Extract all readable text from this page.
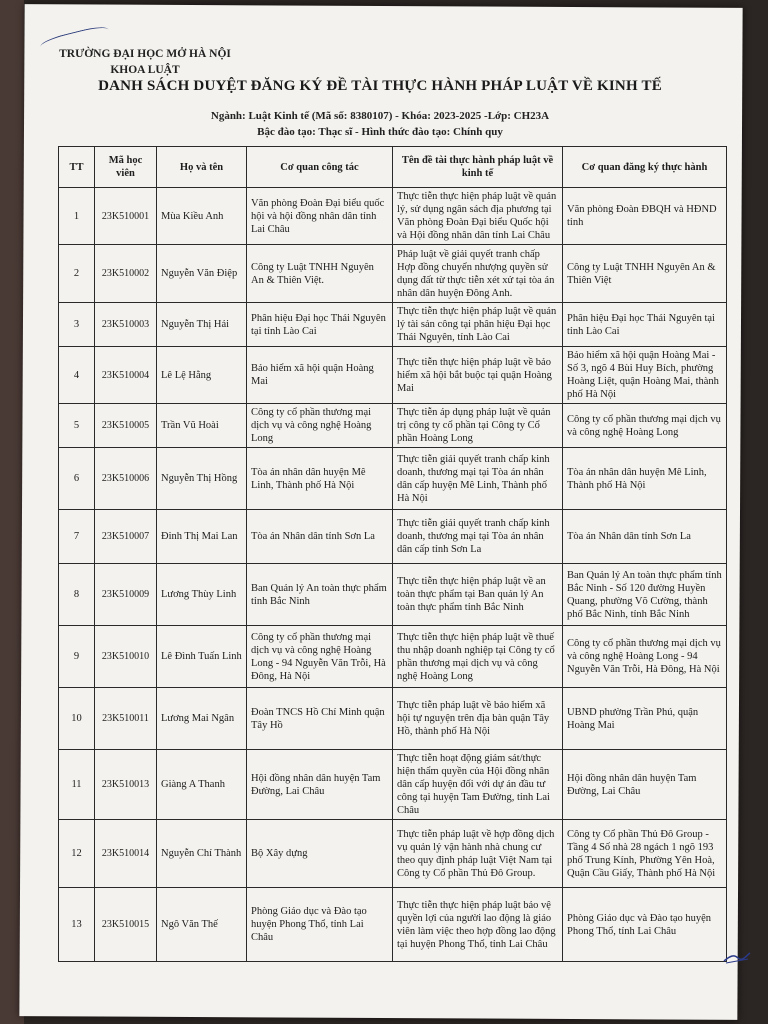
TRƯỜNG ĐẠI HỌC MỞ HÀ NỘI
KHOA LUẬT
DANH SÁCH DUYỆT ĐĂNG KÝ ĐỀ TÀI THỰC HÀNH PHÁP LUẬT VỀ KINH TẾ
Ngành: Luật Kinh tế (Mã số: 8380107) - Khóa: 2023-2025 -Lớp: CH23A
Bậc đào tạo: Thạc sĩ - Hình thức đào tạo: Chính quy
TT	Mã học viên	Họ và tên	Cơ quan công tác	Tên đề tài thực hành pháp luật về kinh tế	Cơ quan đăng ký thực hành
1	23K510001	Mùa Kiều Anh	Văn phòng Đoàn Đại biểu quốc hội và hội đồng nhân dân tỉnh Lai Châu	Thực tiễn thực hiện pháp luật về quản lý, sử dụng ngân sách địa phương tại Văn phòng Đoàn Đại biểu Quốc hội và Hội đồng nhân dân tỉnh Lai Châu	Văn phòng Đoàn ĐBQH và HĐND tỉnh
2	23K510002	Nguyễn Văn Điệp	Công ty Luật TNHH Nguyên An & Thiên Việt.	Pháp luật về giải quyết tranh chấp Hợp đồng chuyển nhượng quyền sử dụng đất từ thực tiễn xét xử tại tòa án nhân dân huyện Đông Anh.	Công ty Luật TNHH Nguyên An & Thiên Việt
3	23K510003	Nguyễn Thị Hải	Phân hiệu Đại học Thái Nguyên tại tỉnh Lào Cai	Thực tiễn thực hiện pháp luật về quản lý tài sản công tại phân hiệu Đại học Thái Nguyên, tỉnh Lào Cai	Phân hiệu Đại học Thái Nguyên tại tỉnh Lào Cai
4	23K510004	Lê Lệ Hằng	Bảo hiểm xã hội quận Hoàng Mai	Thực tiễn thực hiện pháp luật về bảo hiểm xã hội bắt buộc tại quận Hoàng Mai	Bảo hiểm xã hội quận Hoàng Mai - Số 3, ngõ 4 Bùi Huy Bích, phường Hoàng Liệt, quận Hoàng Mai, thành phố Hà Nội
5	23K510005	Trần Vũ Hoài	Công ty cổ phần thương mại dịch vụ và công nghệ Hoàng Long	Thực tiễn áp dụng pháp luật về quản trị công ty cổ phần tại Công ty Cổ phần Hoàng Long	Công ty cổ phần thương mại dịch vụ và công nghệ Hoàng Long
6	23K510006	Nguyễn Thị Hồng	Tòa án nhân dân huyện Mê Linh, Thành phố Hà Nội	Thực tiễn giải quyết tranh chấp kinh doanh, thương mại tại Tòa án nhân dân cấp huyện Mê Linh, Thành phố Hà Nội	Tòa án nhân dân huyện Mê Linh, Thành phố Hà Nội
7	23K510007	Đinh Thị Mai Lan	Tòa án Nhân dân tỉnh Sơn La	Thực tiễn giải quyết tranh chấp kinh doanh, thương mại tại Tòa án nhân dân cấp tỉnh Sơn La	Tòa án Nhân dân tỉnh Sơn La
8	23K510009	Lương Thùy Linh	Ban Quản lý An toàn thực phẩm tỉnh Bắc Ninh	Thực tiễn thực hiện pháp luật về an toàn thực phẩm tại Ban quản lý An toàn thực phẩm tỉnh Bắc Ninh	Ban Quản lý An toàn thực phẩm tỉnh Bắc Ninh - Số 120 đường Huyền Quang, phường Võ Cường, thành phố Bắc Ninh, tỉnh Bắc Ninh
9	23K510010	Lê Đình Tuấn Linh	Công ty cổ phần thương mại dịch vụ và công nghệ Hoàng Long - 94 Nguyễn Văn Trỗi, Hà Đông, Hà Nội	Thực tiễn thực hiện pháp luật về thuế thu nhập doanh nghiệp tại Công ty cổ phần thương mại dịch vụ và công nghệ Hoàng Long	Công ty cổ phần thương mại dịch vụ và công nghệ Hoàng Long - 94 Nguyễn Văn Trỗi, Hà Đông, Hà Nội
10	23K510011	Lương Mai Ngân	Đoàn TNCS Hồ Chí Minh quận Tây Hồ	Thực tiễn pháp luật về bảo hiểm xã hội tự nguyện trên địa bàn quận Tây Hồ, thành phố Hà Nội	UBND phường Trần Phú, quận Hoàng Mai
11	23K510013	Giàng A Thanh	Hội đồng nhân dân huyện Tam Đường, Lai Châu	Thực tiễn hoạt động giám sát/thực hiện thẩm quyền của Hội đồng nhân dân cấp huyện đối với dự án đầu tư công tại huyện Tam Đường, tỉnh Lai Châu	Hội đồng nhân dân huyện Tam Đường, Lai Châu
12	23K510014	Nguyễn Chí Thành	Bộ Xây dựng	Thực tiễn pháp luật về hợp đồng dịch vụ quản lý vận hành nhà chung cư theo quy định pháp luật Việt Nam tại Công ty Cổ phần Thủ Đô Group.	Công ty Cổ phần Thủ Đô Group - Tầng 4 Số nhà 28 ngách 1 ngõ 193 phố Trung Kính, Phường Yên Hoà, Quận Cầu Giấy, Thành phố Hà Nội
13	23K510015	Ngô Văn Thế	Phòng Giáo dục và Đào tạo huyện Phong Thổ, tỉnh Lai Châu	Thực tiễn thực hiện pháp luật bảo vệ quyền lợi của người lao động là giáo viên làm việc theo hợp đồng lao động tại huyện Phong Thổ, tỉnh Lai Châu	Phòng Giáo dục và Đào tạo huyện Phong Thổ, tỉnh Lai Châu
